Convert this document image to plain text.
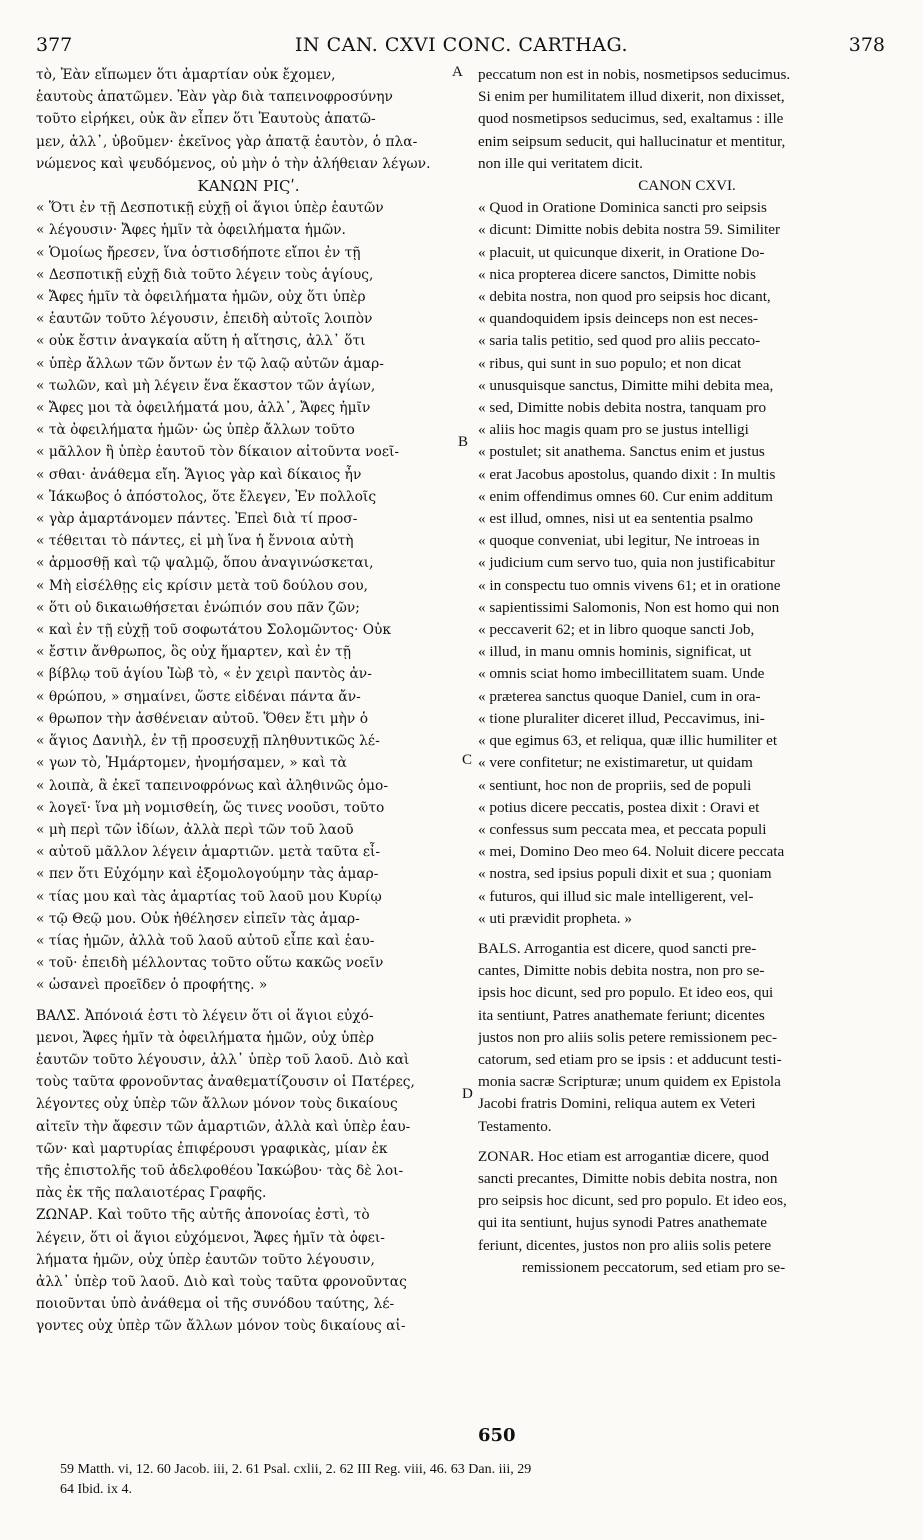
377	IN CAN. CXVI CONC. CARTHAG.	378
τὸ, Ἐὰν εἴπωμεν ὅτι ἁμαρτίαν οὐκ ἔχομεν,
ἑαυτοὺς ἀπατῶμεν. Ἐὰν γὰρ διὰ ταπεινοφροσύνην
τοῦτο εἰρήκει, οὐκ ἂν εἶπεν ὅτι Ἑαυτοὺς ἀπατῶ-
μεν, ἀλλ᾿, ὑβοῦμεν· ἐκεῖνος γὰρ ἀπατᾷ ἑαυτὸν, ὁ πλα-
νώμενος καὶ ψευδόμενος, οὐ μὴν ὁ τὴν ἀλήθειαν λέγων.
ΚΑΝΩΝ ΡΙϚʹ.
« Ὅτι ἐν τῇ Δεσποτικῇ εὐχῇ οἱ ἅγιοι ὑπὲρ ἑαυτῶν
« λέγουσιν· Ἄφες ἡμῖν τὰ ὀφειλήματα ἡμῶν.
« Ὁμοίως ἤρεσεν, ἵνα ὁστισδήποτε εἴποι ἐν τῇ
« Δεσποτικῇ εὐχῇ διὰ τοῦτο λέγειν τοὺς ἁγίους,
« Ἄφες ἡμῖν τὰ ὀφειλήματα ἡμῶν, οὐχ ὅτι ὑπὲρ
« ἑαυτῶν τοῦτο λέγουσιν, ἐπειδὴ αὐτοῖς λοιπὸν
« οὐκ ἔστιν ἀναγκαία αὕτη ἡ αἴτησις, ἀλλ᾿ ὅτι
« ὑπὲρ ἄλλων τῶν ὄντων ἐν τῷ λαῷ αὐτῶν ἁμαρ-
« τωλῶν, καὶ μὴ λέγειν ἕνα ἕκαστον τῶν ἁγίων,
« Ἄφες μοι τὰ ὀφειλήματά μου, ἀλλ᾿, Ἄφες ἡμῖν
« τὰ ὀφειλήματα ἡμῶν· ὡς ὑπὲρ ἄλλων τοῦτο
« μᾶλλον ἢ ὑπὲρ ἑαυτοῦ τὸν δίκαιον αἰτοῦντα νοεῖ-
« σθαι· ἀνάθεμα εἴη. Ἅγιος γὰρ καὶ δίκαιος ἦν
« Ἰάκωβος ὁ ἀπόστολος, ὅτε ἔλεγεν, Ἐν πολλοῖς
« γὰρ ἁμαρτάνομεν πάντες. Ἐπεὶ διὰ τί προσ-
« τέθειται τὸ πάντες, εἰ μὴ ἵνα ἡ ἔννοια αὐτὴ
« ἁρμοσθῇ καὶ τῷ ψαλμῷ, ὅπου ἀναγινώσκεται,
« Μὴ εἰσέλθῃς εἰς κρίσιν μετὰ τοῦ δούλου σου,
« ὅτι οὐ δικαιωθήσεται ἐνώπιόν σου πᾶν ζῶν;
« καὶ ἐν τῇ εὐχῇ τοῦ σοφωτάτου Σολομῶντος· Οὐκ
« ἔστιν ἄνθρωπος, ὃς οὐχ ἥμαρτεν, καὶ ἐν τῇ
« βίβλῳ τοῦ ἁγίου Ἰὼβ τὸ, « ἐν χειρὶ παντὸς ἀν-
« θρώπου, » σημαίνει, ὥστε εἰδέναι πάντα ἄν-
« θρωπον τὴν ἀσθένειαν αὐτοῦ. Ὅθεν ἔτι μὴν ὁ
« ἅγιος Δανιὴλ, ἐν τῇ προσευχῇ πληθυντικῶς λέ-
« γων τὸ, Ἡμάρτομεν, ἠνομήσαμεν, » καὶ τὰ
« λοιπὰ, ἃ ἐκεῖ ταπεινοφρόνως καὶ ἀληθινῶς ὁμο-
« λογεῖ· ἵνα μὴ νομισθείη, ὥς τινες νοοῦσι, τοῦτο
« μὴ περὶ τῶν ἰδίων, ἀλλὰ περὶ τῶν τοῦ λαοῦ
« αὐτοῦ μᾶλλον λέγειν ἁμαρτιῶν. μετὰ ταῦτα εἶ-
« πεν ὅτι Εὐχόμην καὶ ἐξομολογούμην τὰς ἁμαρ-
« τίας μου καὶ τὰς ἁμαρτίας τοῦ λαοῦ μου Κυρίῳ
« τῷ Θεῷ μου. Οὐκ ἠθέλησεν εἰπεῖν τὰς ἁμαρ-
« τίας ἡμῶν, ἀλλὰ τοῦ λαοῦ αὐτοῦ εἶπε καὶ ἑαυ-
« τοῦ· ἐπειδὴ μέλλοντας τοῦτο οὕτω κακῶς νοεῖν
« ὡσανεὶ προεῖδεν ὁ προφήτης. »
ΒΑΛΣ. Ἀπόνοιά ἐστι τὸ λέγειν ὅτι οἱ ἅγιοι εὐχό-
μενοι, Ἄφες ἡμῖν τὰ ὀφειλήματα ἡμῶν, οὐχ ὑπὲρ
ἑαυτῶν τοῦτο λέγουσιν, ἀλλ᾿ ὑπὲρ τοῦ λαοῦ. Διὸ καὶ
τοὺς ταῦτα φρονοῦντας ἀναθεματίζουσιν οἱ Πατέρες,
λέγοντες οὐχ ὑπὲρ τῶν ἄλλων μόνον τοὺς δικαίους
αἰτεῖν τὴν ἄφεσιν τῶν ἁμαρτιῶν, ἀλλὰ καὶ ὑπὲρ ἑαυ-
τῶν· καὶ μαρτυρίας ἐπιφέρουσι γραφικὰς, μίαν ἐκ
τῆς ἐπιστολῆς τοῦ ἀδελφοθέου Ἰακώβου· τὰς δὲ λοι-
πὰς ἐκ τῆς παλαιοτέρας Γραφῆς.
ΖΩΝΑΡ. Καὶ τοῦτο τῆς αὐτῆς ἀπονοίας ἐστὶ, τὸ
λέγειν, ὅτι οἱ ἅγιοι εὐχόμενοι, Ἄφες ἡμῖν τὰ ὀφει-
λήματα ἡμῶν, οὐχ ὑπὲρ ἑαυτῶν τοῦτο λέγουσιν,
ἀλλ᾿ ὑπὲρ τοῦ λαοῦ. Διὸ καὶ τοὺς ταῦτα φρονοῦντας
ποιοῦνται ὑπὸ ἀνάθεμα οἱ τῆς συνόδου ταύτης, λέ-
γοντες οὐχ ὑπὲρ τῶν ἄλλων μόνον τοὺς δικαίους αἰ-
peccatum non est in nobis, nosmetipsos seducimus.
Si enim per humilitatem illud dixerit, non dixisset,
quod nosmetipsos seducimus, sed, exaltamus : ille
enim seipsum seducit, qui hallucinatur et mentitur,
non ille qui veritatem dicit.
CANON CXVI.
« Quod in Oratione Dominica sancti pro seipsis
« dicunt: Dimitte nobis debita nostra 59. Similiter
« placuit, ut quicunque dixerit, in Oratione Do-
« nica propterea dicere sanctos, Dimitte nobis
« debita nostra, non quod pro seipsis hoc dicant,
« quandoquidem ipsis deinceps non est neces-
« saria talis petitio, sed quod pro aliis peccato-
« ribus, qui sunt in suo populo; et non dicat
« unusquisque sanctus, Dimitte mihi debita mea,
« sed, Dimitte nobis debita nostra, tanquam pro
« aliis hoc magis quam pro se justus intelligi
« postulet; sit anathema. Sanctus enim et justus
« erat Jacobus apostolus, quando dixit : In multis
« enim offendimus omnes 60. Cur enim additum
« est illud, omnes, nisi ut ea sententia psalmo
« quoque conveniat, ubi legitur, Ne introeas in
« judicium cum servo tuo, quia non justificabitur
« in conspectu tuo omnis vivens 61; et in oratione
« sapientissimi Salomonis, Non est homo qui non
« peccaverit 62; et in libro quoque sancti Job,
« illud, in manu omnis hominis, significat, ut
« omnis sciat homo imbecillitatem suam. Unde
« præterea sanctus quoque Daniel, cum in ora-
« tione pluraliter diceret illud, Peccavimus, ini-
« que egimus 63, et reliqua, quæ illic humiliter et
« vere confitetur; ne existimaretur, ut quidam
« sentiunt, hoc non de propriis, sed de populi
« potius dicere peccatis, postea dixit : Oravi et
« confessus sum peccata mea, et peccata populi
« mei, Domino Deo meo 64. Noluit dicere peccata
« nostra, sed ipsius populi dixit et sua ; quoniam
« futuros, qui illud sic male intelligerent, vel-
« uti prævidit propheta. »
BALS. Arrogantia est dicere, quod sancti pre-
cantes, Dimitte nobis debita nostra, non pro se-
ipsis hoc dicunt, sed pro populo. Et ideo eos, qui
ita sentiunt, Patres anathemate feriunt; dicentes
justos non pro aliis solis petere remissionem pec-
catorum, sed etiam pro se ipsis : et adducunt testi-
monia sacræ Scripturæ; unum quidem ex Epistola
Jacobi fratris Domini, reliqua autem ex Veteri
Testamento.
ZONAR. Hoc etiam est arrogantiæ dicere, quod
sancti precantes, Dimitte nobis debita nostra, non
pro seipsis hoc dicunt, sed pro populo. Et ideo eos,
qui ita sentiunt, hujus synodi Patres anathemate
feriunt, dicentes, justos non pro aliis solis petere
remissionem peccatorum, sed etiam pro se-
A
B
C
D
650
59 Matth. vi, 12. 60 Jacob. iii, 2. 61 Psal. cxlii, 2. 62 III Reg. viii, 46. 63 Dan. iii, 29
64 Ibid. ix 4.
